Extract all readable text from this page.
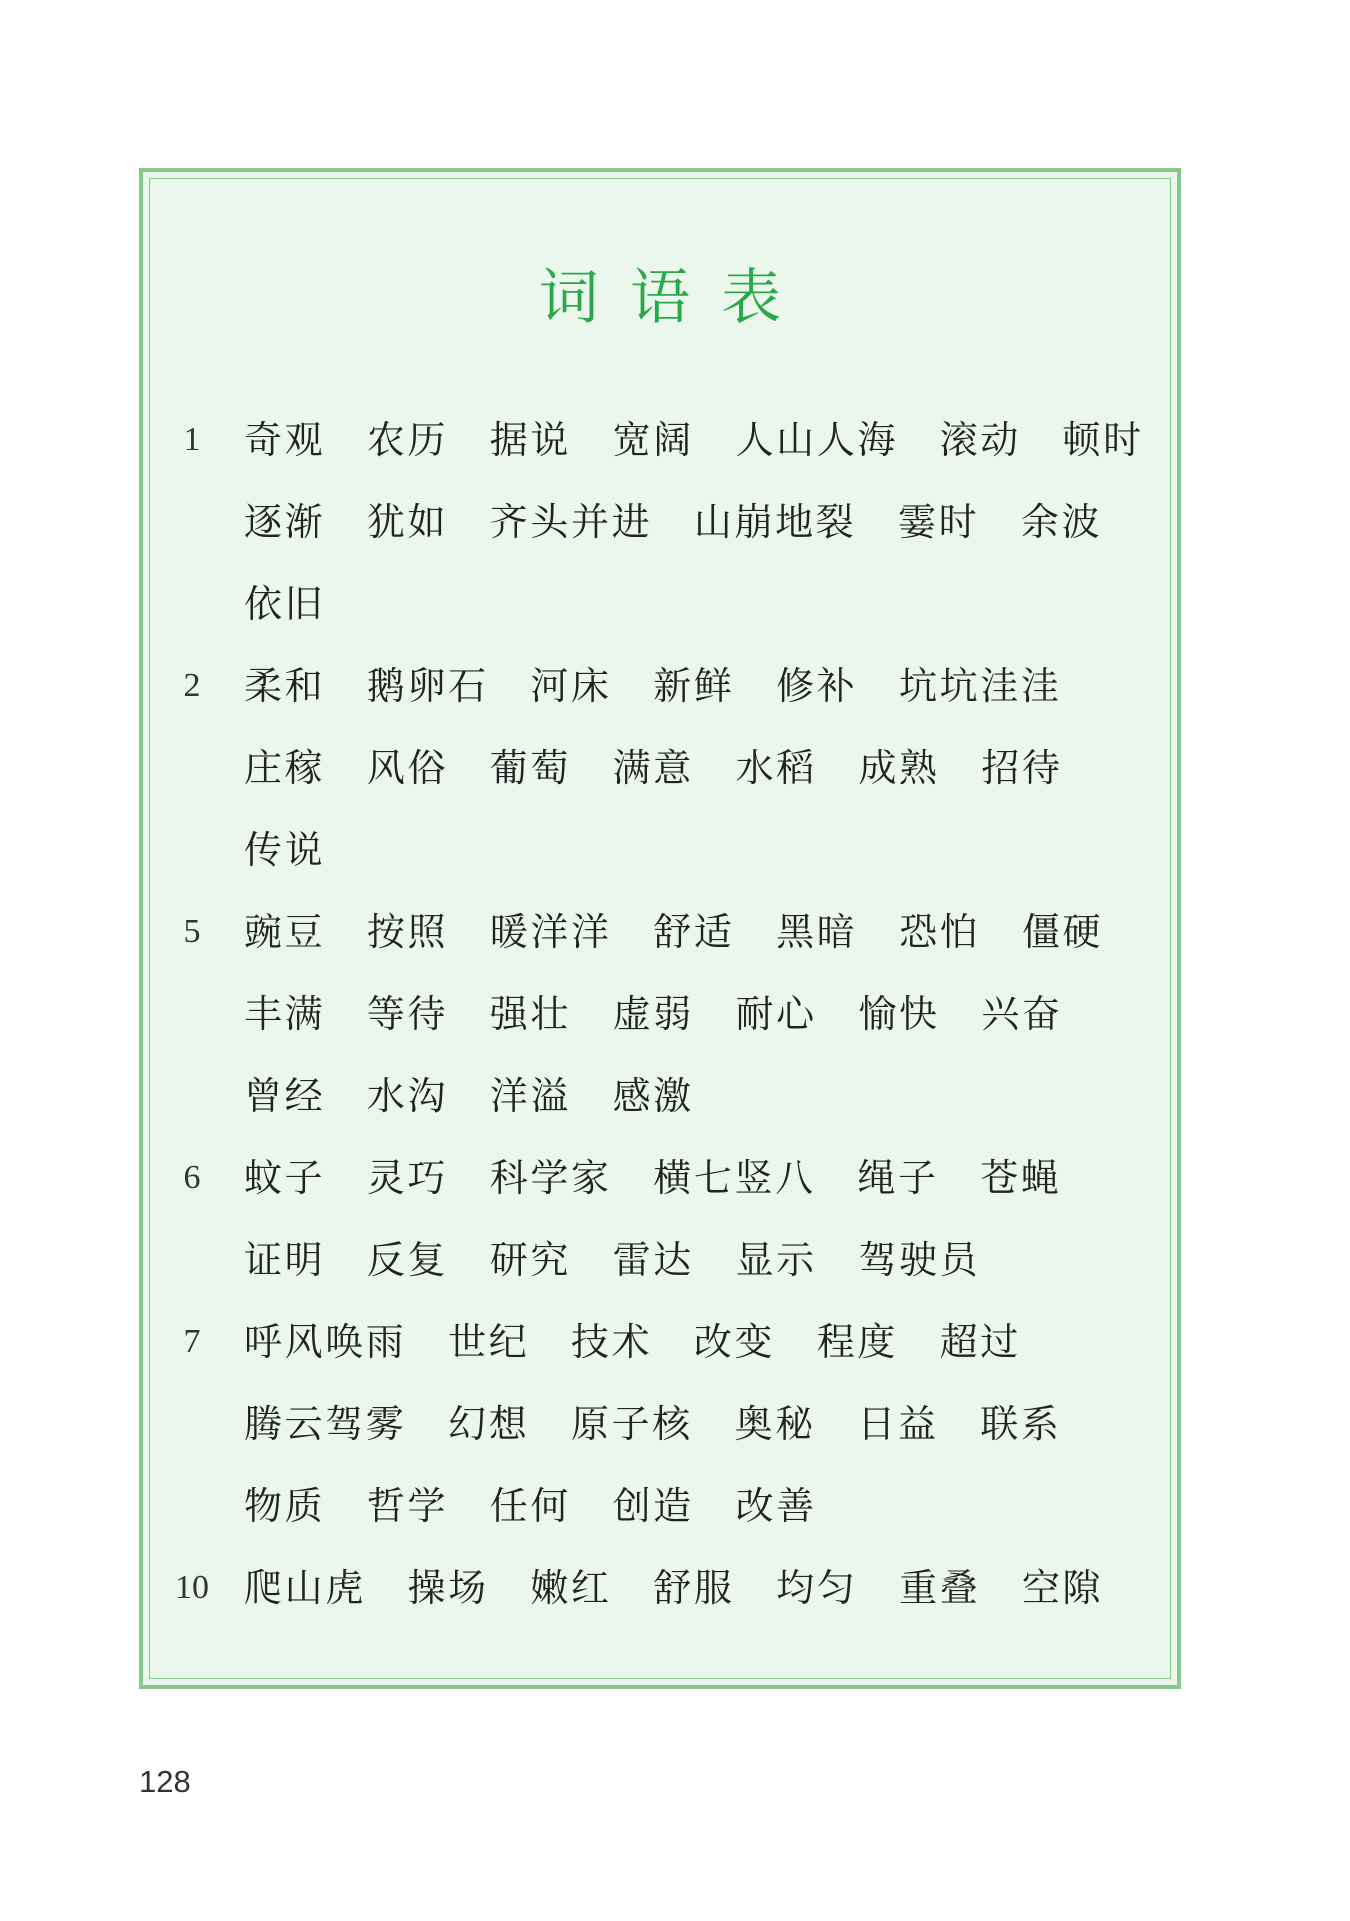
词 语 表
1	奇观 农历 据说 宽阔 人山人海 滚动 顿时
逐渐 犹如 齐头并进 山崩地裂 霎时 余波
依旧
2	柔和 鹅卵石 河床 新鲜 修补 坑坑洼洼
庄稼 风俗 葡萄 满意 水稻 成熟 招待
传说
5	豌豆 按照 暖洋洋 舒适 黑暗 恐怕 僵硬
丰满 等待 强壮 虚弱 耐心 愉快 兴奋
曾经 水沟 洋溢 感激
6	蚊子 灵巧 科学家 横七竖八 绳子 苍蝇
证明 反复 研究 雷达 显示 驾驶员
7	呼风唤雨 世纪 技术 改变 程度 超过
腾云驾雾 幻想 原子核 奥秘 日益 联系
物质 哲学 任何 创造 改善
10 爬山虎 操场 嫩红 舒服 均匀 重叠 空隙
128
